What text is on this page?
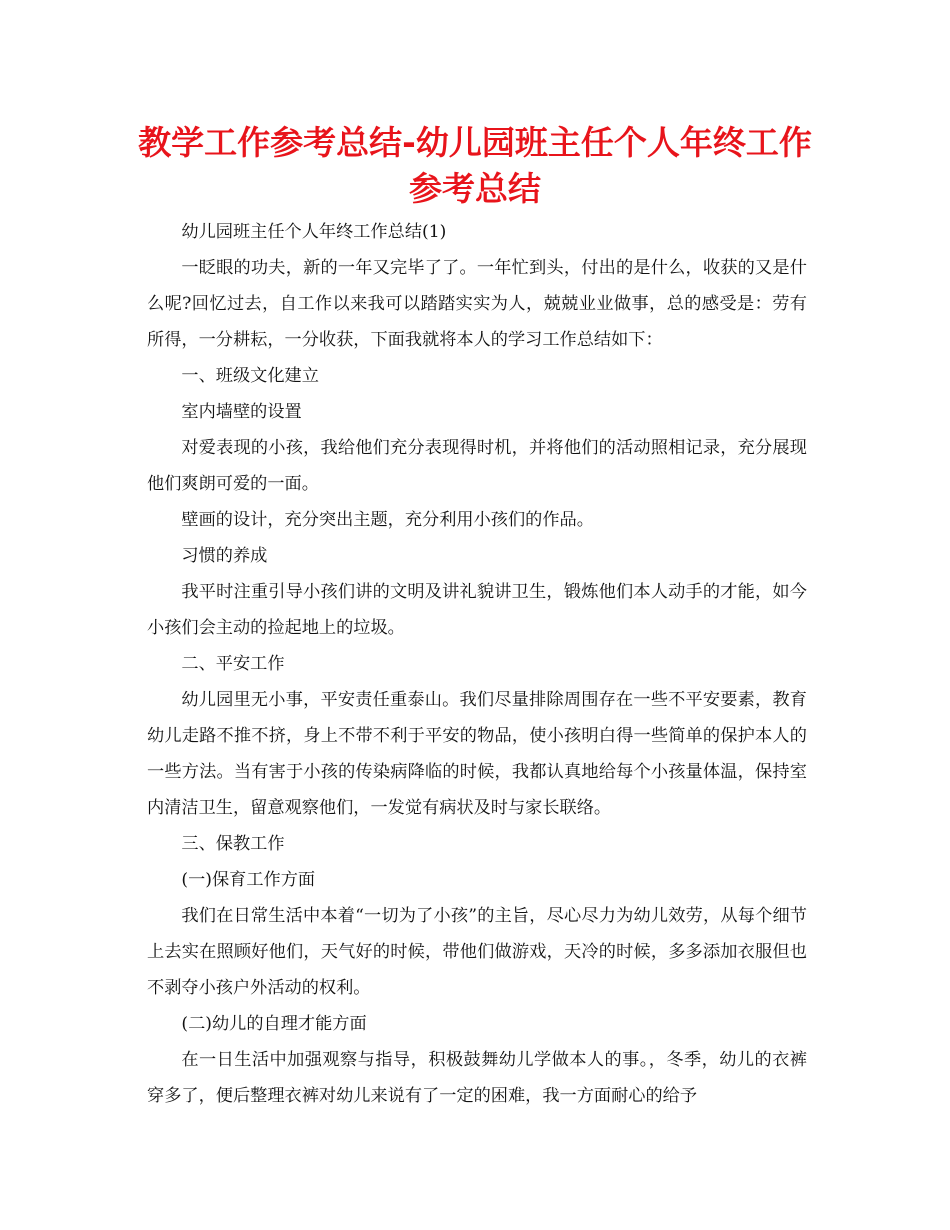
教学工作参考总结-幼儿园班主任个人年终工作参考总结

幼儿园班主任个人年终工作总结(1)

一眨眼的功夫，新的一年又完毕了了。一年忙到头，付出的是什么，收获的又是什么呢?回忆过去，自工作以来我可以踏踏实实为人，兢兢业业做事，总的感受是：劳有所得，一分耕耘，一分收获，下面我就将本人的学习工作总结如下：

一、班级文化建立

室内墙壁的设置

对爱表现的小孩，我给他们充分表现得时机，并将他们的活动照相记录，充分展现他们爽朗可爱的一面。

壁画的设计，充分突出主题，充分利用小孩们的作品。

习惯的养成

我平时注重引导小孩们讲的文明及讲礼貌讲卫生，锻炼他们本人动手的才能，如今小孩们会主动的捡起地上的垃圾。

二、平安工作

幼儿园里无小事，平安责任重泰山。我们尽量排除周围存在一些不平安要素，教育幼儿走路不推不挤，身上不带不利于平安的物品，使小孩明白得一些简单的保护本人的一些方法。当有害于小孩的传染病降临的时候，我都认真地给每个小孩量体温，保持室内清洁卫生，留意观察他们，一发觉有病状及时与家长联络。

三、保教工作

(一)保育工作方面

我们在日常生活中本着“一切为了小孩”的主旨，尽心尽力为幼儿效劳，从每个细节上去实在照顾好他们，天气好的时候，带他们做游戏，天冷的时候，多多添加衣服但也不剥夺小孩户外活动的权利。

(二)幼儿的自理才能方面

在一日生活中加强观察与指导，积极鼓舞幼儿学做本人的事。，冬季，幼儿的衣裤穿多了，便后整理衣裤对幼儿来说有了一定的困难，我一方面耐心的给予
